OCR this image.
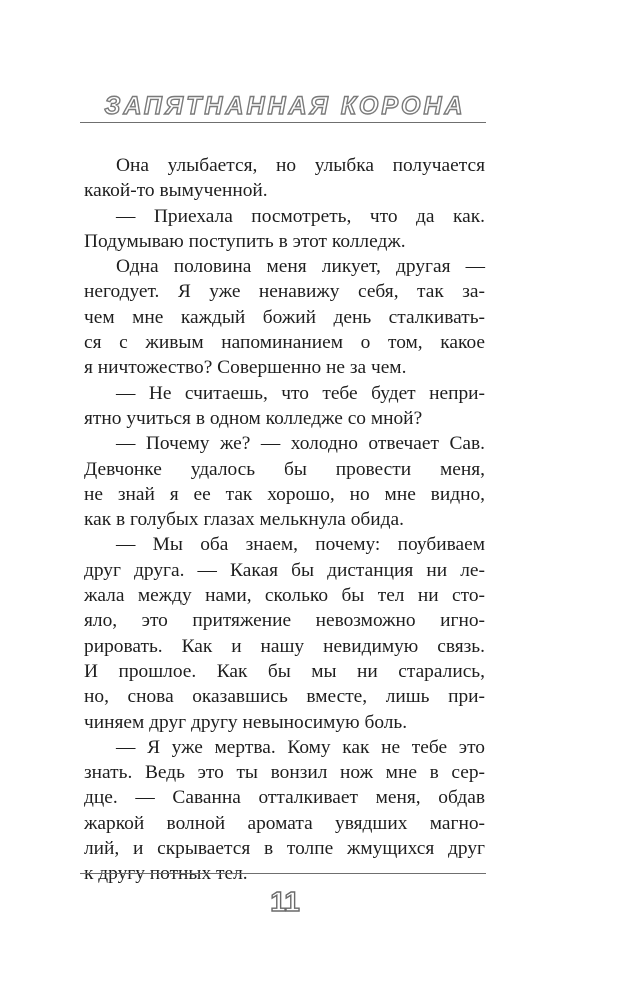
ЗАПЯТНАННАЯ КОРОНА

Она улыбается, но улыбка получается
какой-то вымученной.

— Приехала посмотреть, что да как.
Подумываю поступить в этот колледж.

Одна половина меня ликует, другая —
негодует. Я уже ненавижу себя, так за-
чем мне каждый божий день сталкивать-
ся с живым напоминанием о том, какое
я ничтожество? Совершенно не за чем.

— Не считаешь, что тебе будет непри-
ятно учиться в одном колледже со мной?

— Почему же? — холодно отвечает Сав.
Девчонке удалось бы провести меня,
не знай я ее так хорошо, но мне видно,
как в голубых глазах мелькнула обида.

— Мы оба знаем, почему: поубиваем
друг друга. — Какая бы дистанция ни ле-
жала между нами, сколько бы тел ни сто-
яло, это притяжение невозможно игно-
рировать. Как и нашу невидимую связь.
И прошлое. Как бы мы ни старались,
но, снова оказавшись вместе, лишь при-
чиняем друг другу невыносимую боль.

— Я уже мертва. Кому как не тебе это
знать. Ведь это ты вонзил нож мне в сер-
дце. — Саванна отталкивает меня, обдав
жаркой волной аромата увядших магно-
лий, и скрывается в толпе жмущихся друг
к другу потных тел.

11
